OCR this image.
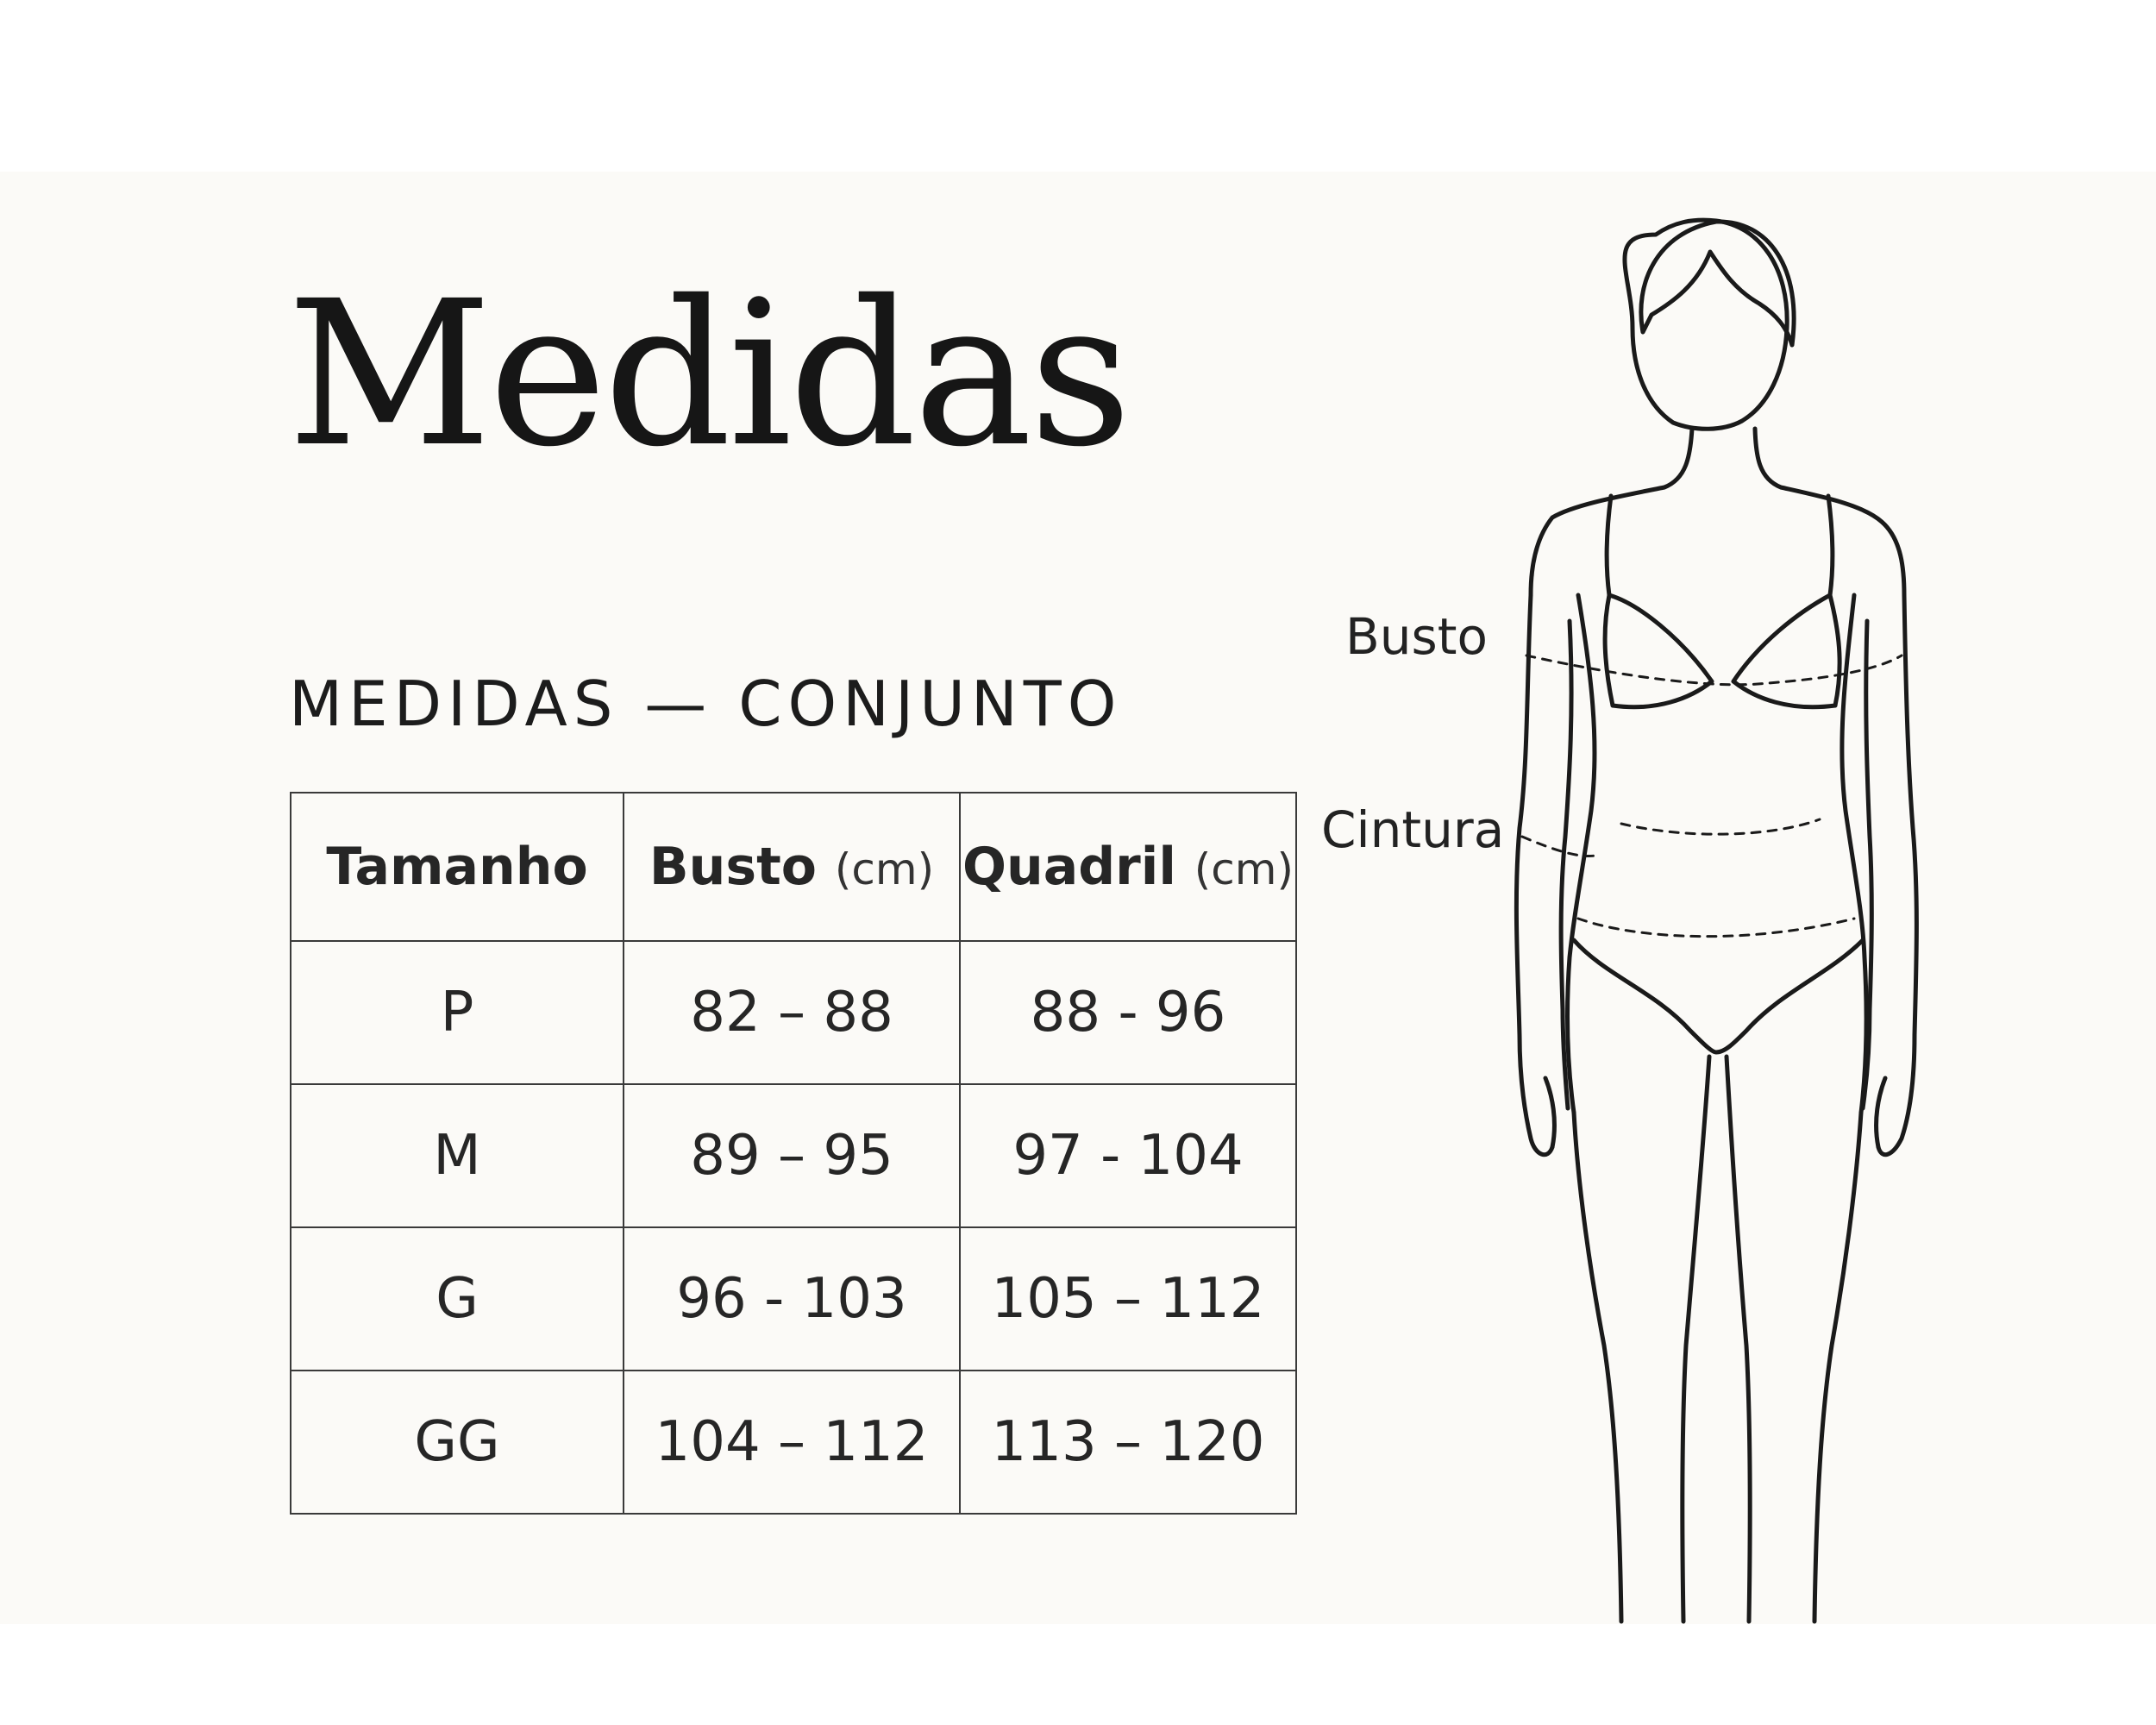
Medidas
MEDIDAS — CONJUNTO
Tamanho	Busto (cm)	Quadril (cm)
P	82 – 88	88 - 96
M	89 – 95	97 - 104
G	96 - 103	105 – 112
GG	104 – 112	113 – 120
Busto
Cintura
